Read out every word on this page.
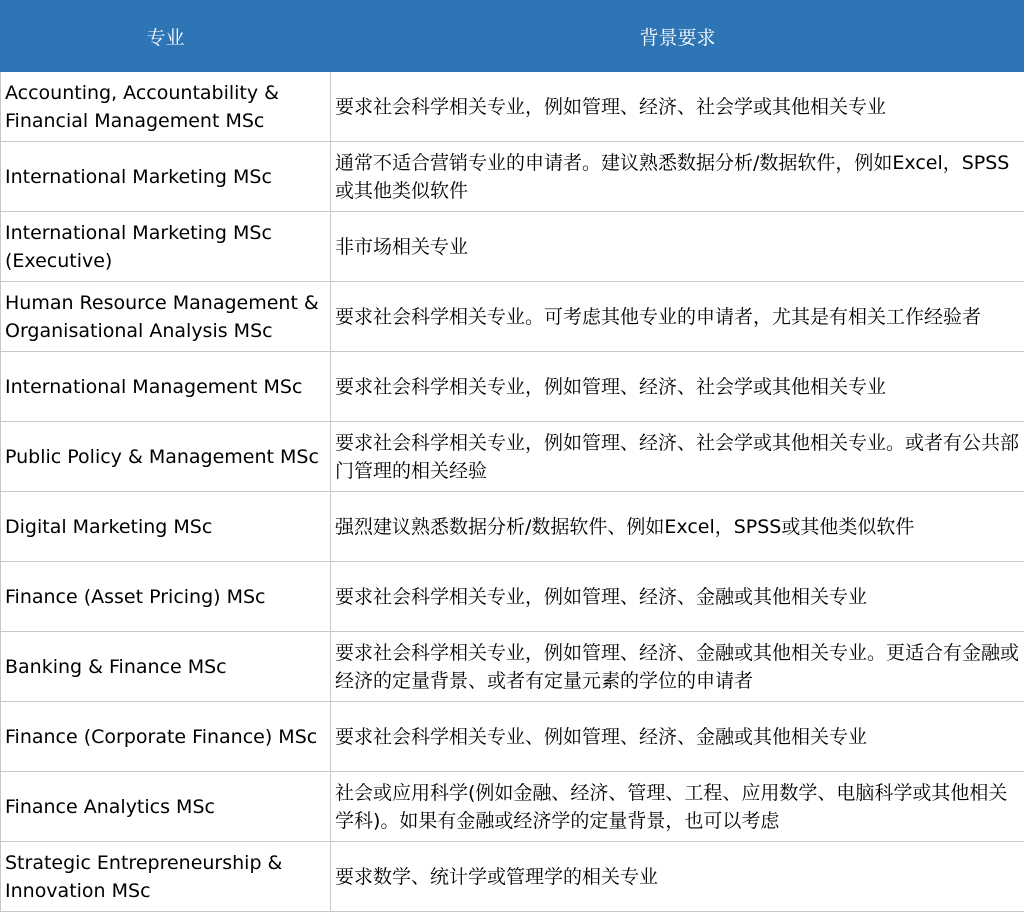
专业	背景要求
Accounting, Accountability & Financial Management MSc	要求社会科学相关专业，例如管理、经济、社会学或其他相关专业
International Marketing MSc	通常不适合营销专业的申请者。建议熟悉数据分析/数据软件，例如Excel，SPSS或其他类似软件
International Marketing MSc (Executive)	非市场相关专业
Human Resource Management & Organisational Analysis MSc	要求社会科学相关专业。可考虑其他专业的申请者，尤其是有相关工作经验者
International Management MSc	要求社会科学相关专业，例如管理、经济、社会学或其他相关专业
Public Policy & Management MSc	要求社会科学相关专业，例如管理、经济、社会学或其他相关专业。或者有公共部门管理的相关经验
Digital Marketing MSc	强烈建议熟悉数据分析/数据软件、例如Excel，SPSS或其他类似软件
Finance (Asset Pricing) MSc	要求社会科学相关专业，例如管理、经济、金融或其他相关专业
Banking & Finance MSc	要求社会科学相关专业，例如管理、经济、金融或其他相关专业。更适合有金融或经济的定量背景、或者有定量元素的学位的申请者
Finance (Corporate Finance) MSc	要求社会科学相关专业、例如管理、经济、金融或其他相关专业
Finance Analytics MSc	社会或应用科学(例如金融、经济、管理、工程、应用数学、电脑科学或其他相关学科)。如果有金融或经济学的定量背景，也可以考虑
Strategic Entrepreneurship & Innovation MSc	要求数学、统计学或管理学的相关专业
